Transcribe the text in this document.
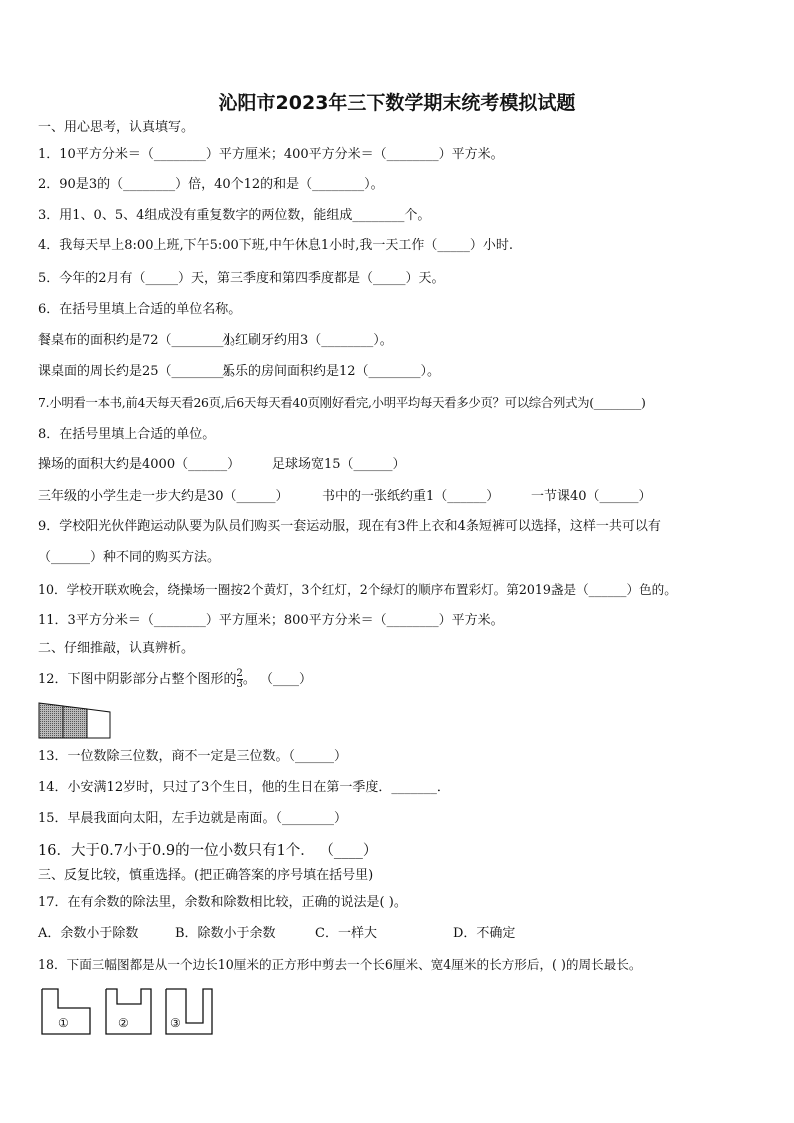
沁阳市2023年三下数学期末统考模拟试题
一、用心思考，认真填写。
1．10平方分米＝（________）平方厘米；400平方分米＝（________）平方米。
2．90是3的（________）倍，40个12的和是（________）。
3．用1、0、5、4组成没有重复数字的两位数，能组成________个。
4．我每天早上8:00上班,下午5:00下班,中午休息1小时,我一天工作（_____）小时.
5．今年的2月有（_____）天，第三季度和第四季度都是（_____）天。
6．在括号里填上合适的单位名称。
餐桌布的面积约是72（________）。
小红刷牙约用3（________）。
课桌面的周长约是25（________）。
乐乐的房间面积约是12（________）。
7.小明看一本书,前4天每天看26页,后6天每天看40页刚好看完,小明平均每天看多少页？可以综合列式为(________)
8．在括号里填上合适的单位。
操场的面积大约是4000（______） 足球场宽15（______）
三年级的小学生走一步大约是30（______）	书中的一张纸约重1（______） 一节课40（______）
9．学校阳光伙伴跑运动队要为队员们购买一套运动服，现在有3件上衣和4条短裤可以选择，这样一共可以有
（______）种不同的购买方法。
10．学校开联欢晚会，绕操场一圈按2个黄灯，3个红灯，2个绿灯的顺序布置彩灯。第2019盏是（______）色的。
11．3平方分米＝（________）平方厘米；800平方分米＝（________）平方米。
二、仔细推敲，认真辨析。
12．下图中阴影部分占整个图形的 $\frac{2}{3}$ 。 （____）
13．一位数除三位数，商不一定是三位数。（______）
14．小安满12岁时，只过了3个生日，他的生日在第一季度．_______．
15．早晨我面向太阳，左手边就是南面。（________）
16．大于0.7小于0.9的一位小数只有1个． （____）
三、反复比较，慎重选择。(把正确答案的序号填在括号里)
17．在有余数的除法里，余数和除数相比较，正确的说法是( )。
A．余数小于除数	B．除数小于余数	C．一样大	D．不确定
18．下面三幅图都是从一个边长10厘米的正方形中剪去一个长6厘米、宽4厘米的长方形后，( )的周长最长。
①	②	③
